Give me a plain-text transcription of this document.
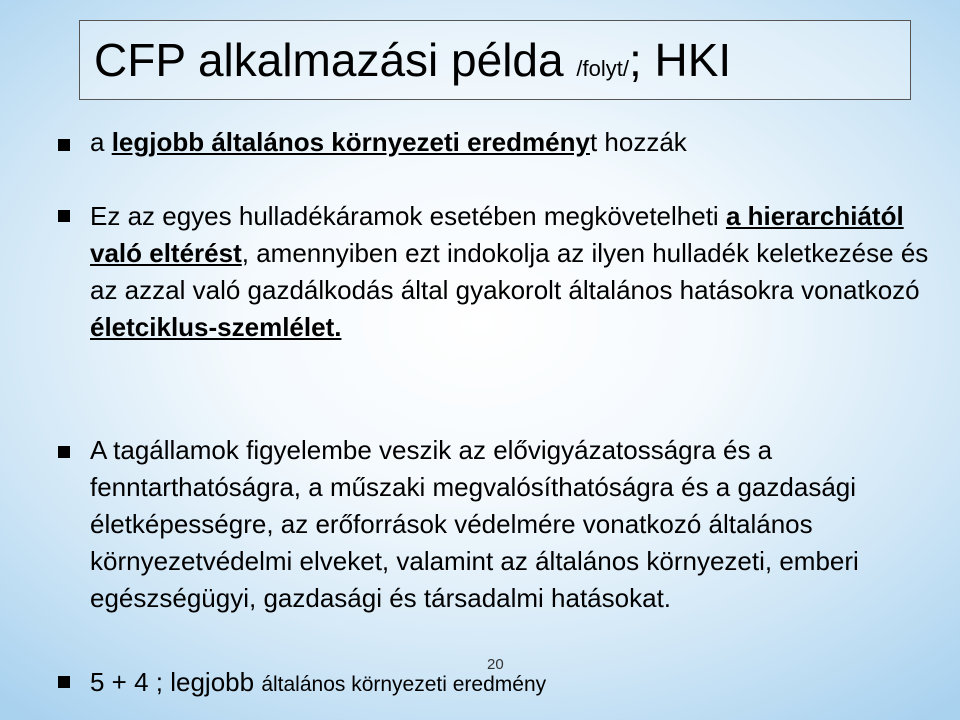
CFP alkalmazási példa /folyt/; HKI

a legjobb általános környezeti eredményt hozzák

Ez az egyes hulladékáramok esetében megkövetelheti a hierarchiától való eltérést, amennyiben ezt indokolja az ilyen hulladék keletkezése és az azzal való gazdálkodás által gyakorolt általános hatásokra vonatkozó életciklus-szemlélet.

A tagállamok figyelembe veszik az elővigyázatosságra és a fenntarthatóságra, a műszaki megvalósíthatóságra és a gazdasági életképességre, az erőforrások védelmére vonatkozó általános környezetvédelmi elveket, valamint az általános környezeti, emberi egészségügyi, gazdasági és társadalmi hatásokat.

5 + 4 ; legjobb általános környezeti eredmény
20
